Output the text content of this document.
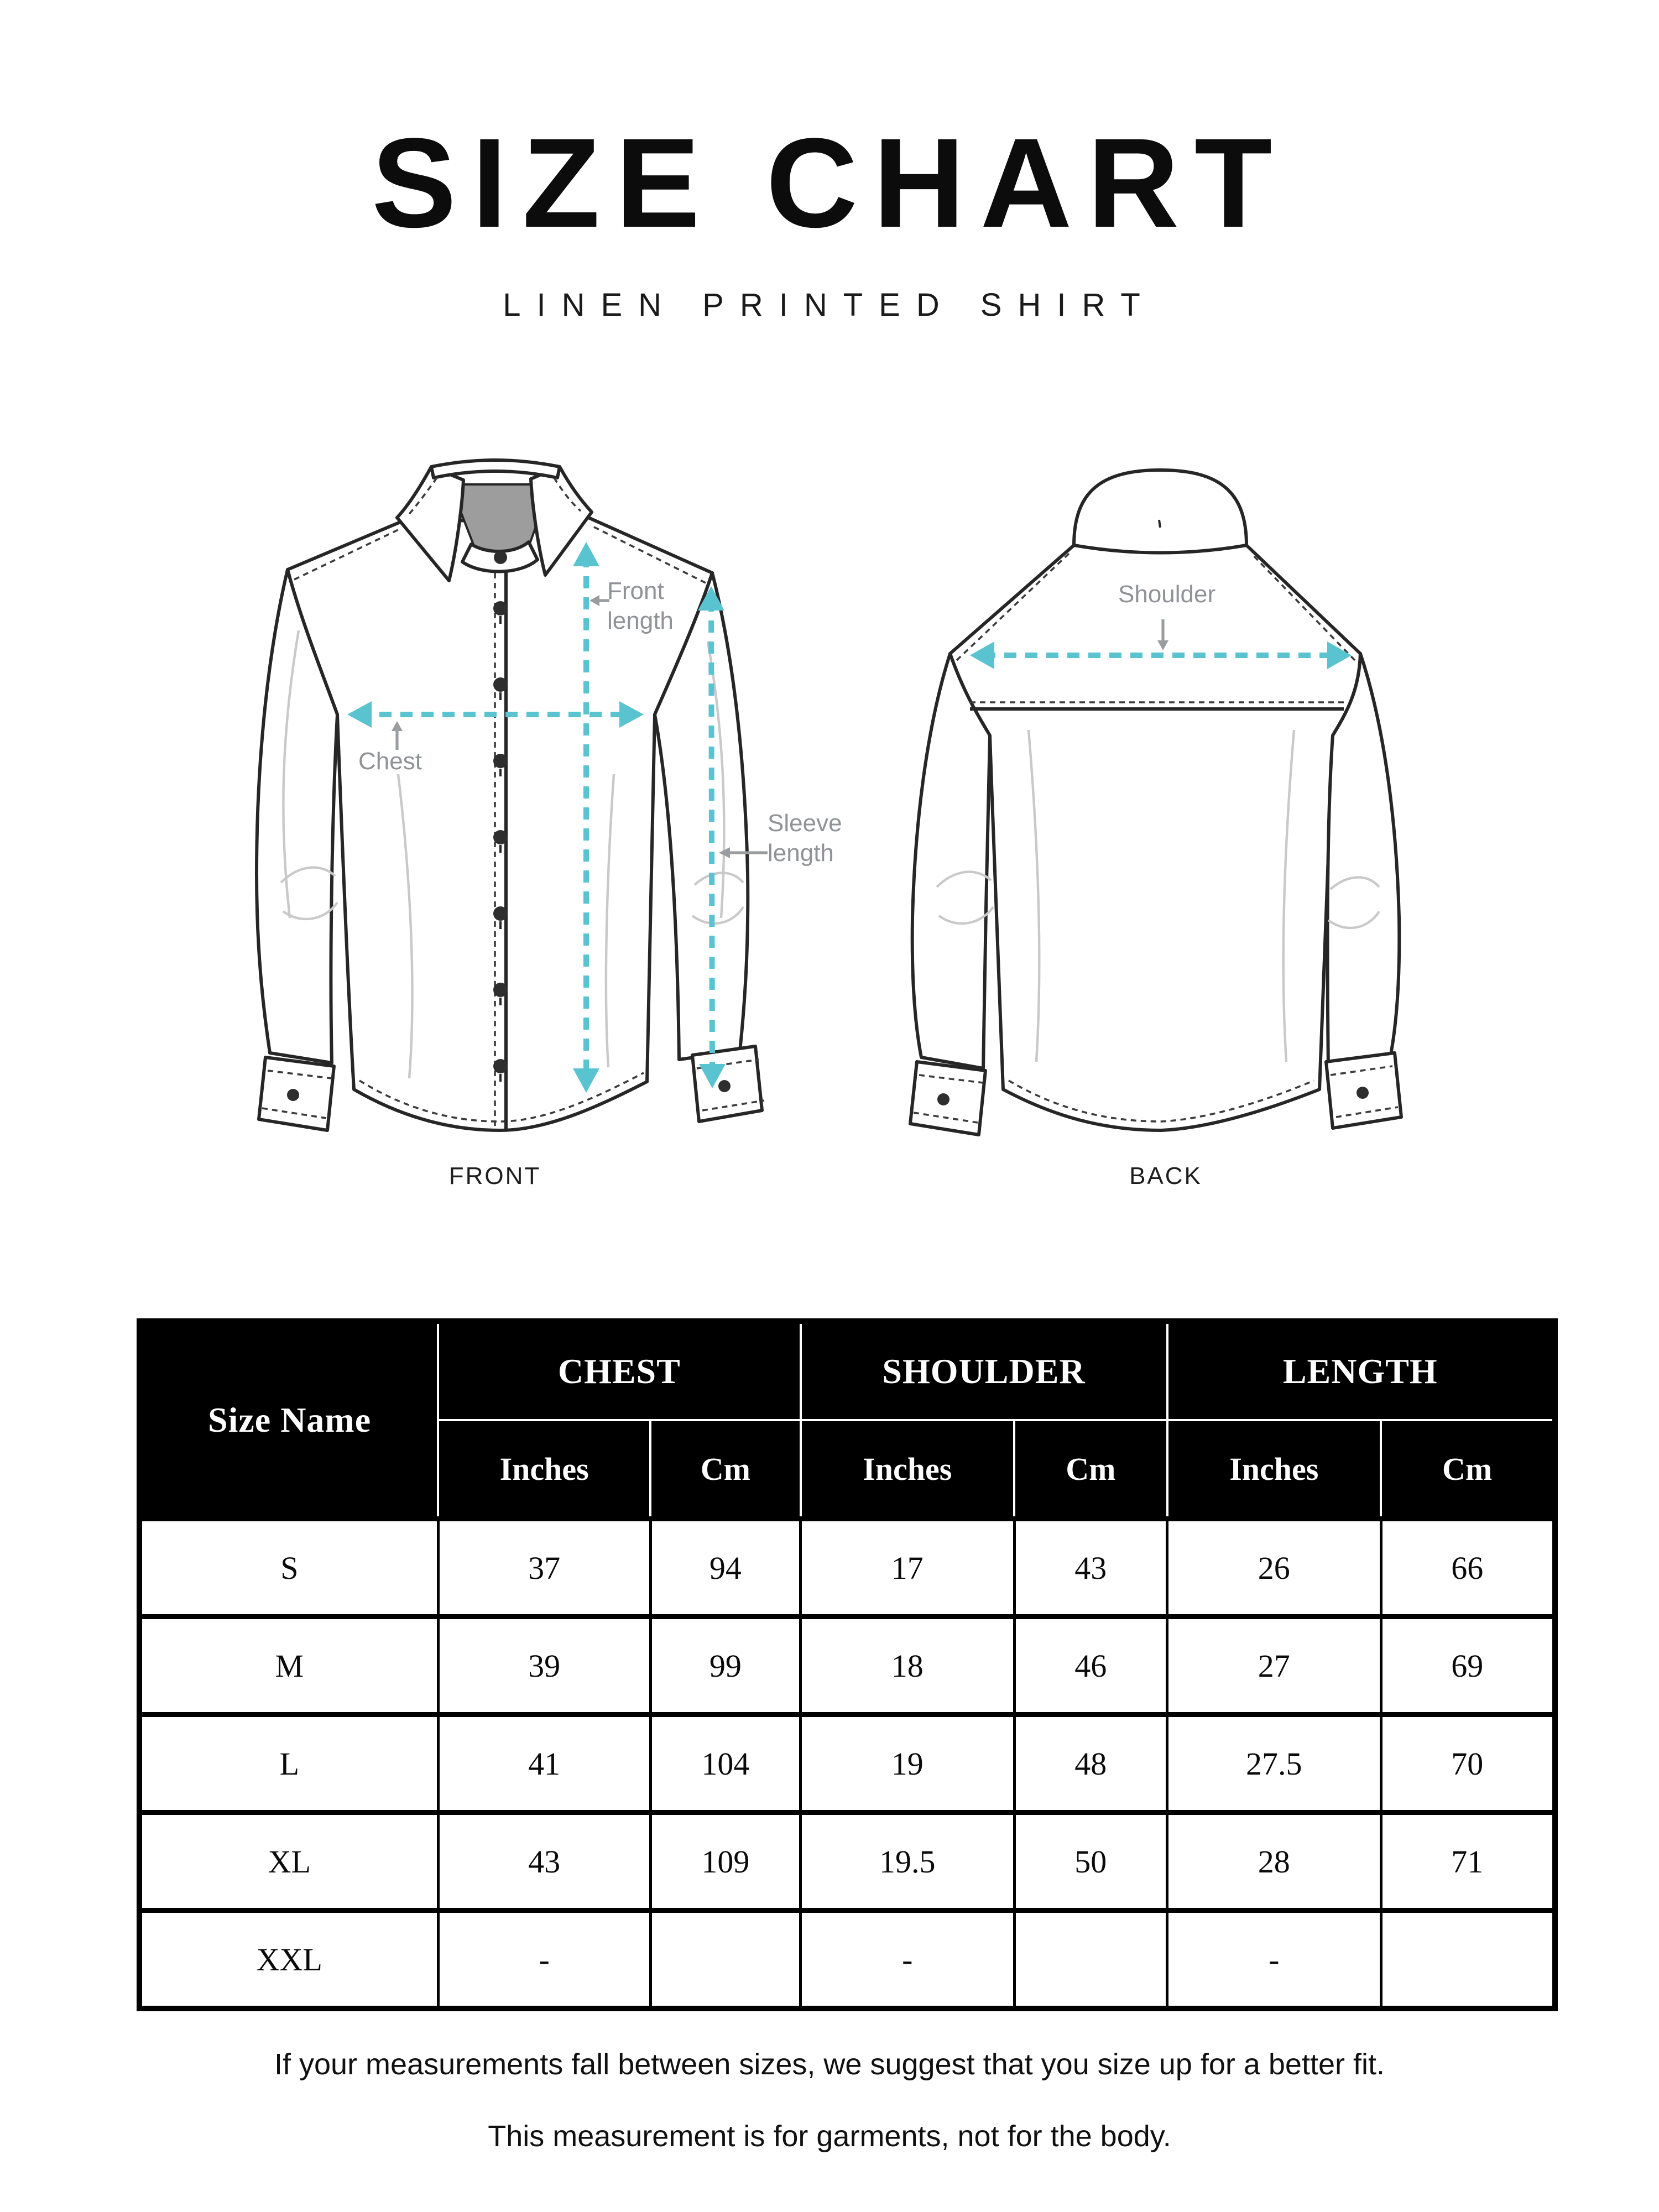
SIZE CHART
LINEN PRINTED SHIRT
Front length
Chest
Sleeve length
Shoulder
FRONT	BACK
Size Name	CHEST		SHOULDER		LENGTH	
	Inches	Cm	Inches	Cm	Inches	Cm
S	37	94	17	43	26	66
M	39	99	18	46	27	69
L	41	104	19	48	27.5	70
XL	43	109	19.5	50	28	71
XXL	-		-		-	
If your measurements fall between sizes, we suggest that you size up for a better fit.
This measurement is for garments, not for the body.
